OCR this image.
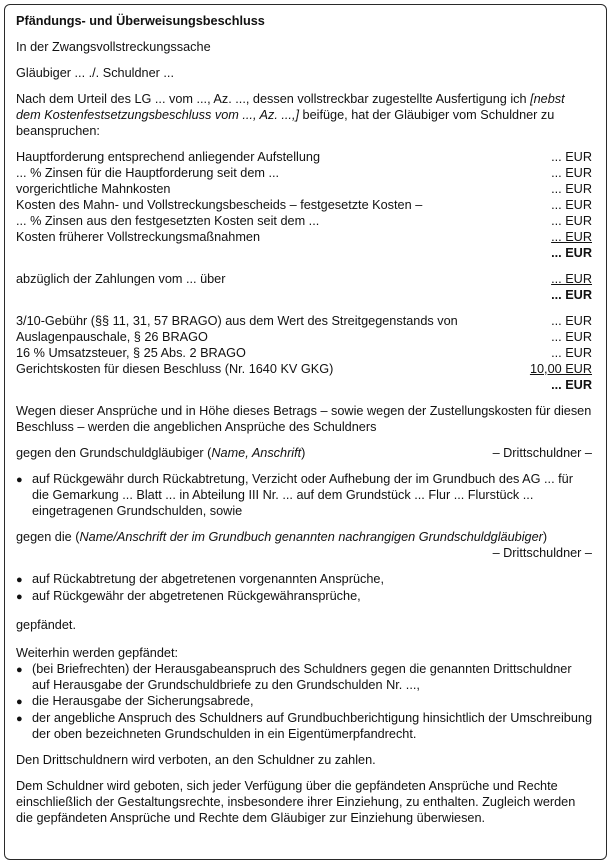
Pfändungs- und Überweisungsbeschluss

In der Zwangsvollstreckungssache

Gläubiger ... ./. Schuldner ...

Nach dem Urteil des LG ... vom ..., Az. ..., dessen vollstreckbar zugestellte Ausfertigung ich [nebst dem Kostenfestsetzungsbeschluss vom ..., Az. ...,] beifüge, hat der Gläubiger vom Schuldner zu beanspruchen:

Hauptforderung entsprechend anliegender Aufstellung	... EUR
... % Zinsen für die Hauptforderung seit dem ...	... EUR
vorgerichtliche Mahnkosten	... EUR
Kosten des Mahn- und Vollstreckungsbescheids – festgesetzte Kosten –	... EUR
... % Zinsen aus den festgesetzten Kosten seit dem ...	... EUR
Kosten früherer Vollstreckungsmaßnahmen	... EUR
... EUR
abzüglich der Zahlungen vom ... über	... EUR
... EUR
3/10-Gebühr (§§ 11, 31, 57 BRAGO) aus dem Wert des Streitgegenstands von	... EUR
Auslagenpauschale, § 26 BRAGO	... EUR
16 % Umsatzsteuer, § 25 Abs. 2 BRAGO	... EUR
Gerichtskosten für diesen Beschluss (Nr. 1640 KV GKG)	10,00 EUR
... EUR

Wegen dieser Ansprüche und in Höhe dieses Betrags – sowie wegen der Zustellungskosten für diesen Beschluss – werden die angeblichen Ansprüche des Schuldners

gegen den Grundschuldgläubiger (Name, Anschrift)	– Drittschuldner –
●
auf Rückgewähr durch Rückabtretung, Verzicht oder Aufhebung der im Grundbuch des AG ... für die Gemarkung ... Blatt ... in Abteilung III Nr. ... auf dem Grundstück ... Flur ... Flurstück ... eingetragenen Grundschulden, sowie

gegen die (Name/Anschrift der im Grundbuch genannten nachrangigen Grundschuldgläubiger)

– Drittschuldner –

●
auf Rückabtretung der abgetretenen vorgenannten Ansprüche,
●
auf Rückgewähr der abgetretenen Rückgewähransprüche,

gepfändet.

Weiterhin werden gepfändet:

●
(bei Briefrechten) der Herausgabeanspruch des Schuldners gegen die genannten Drittschuldner auf Herausgabe der Grundschuldbriefe zu den Grundschulden Nr. ...,
●
die Herausgabe der Sicherungsabrede,
●
der angebliche Anspruch des Schuldners auf Grundbuchberichtigung hinsichtlich der Umschreibung der oben bezeichneten Grundschulden in ein Eigentümerpfandrecht.

Den Drittschuldnern wird verboten, an den Schuldner zu zahlen.

Dem Schuldner wird geboten, sich jeder Verfügung über die gepfändeten Ansprüche und Rechte einschließlich der Gestaltungsrechte, insbesondere ihrer Einziehung, zu enthalten. Zugleich werden die gepfändeten Ansprüche und Rechte dem Gläubiger zur Einziehung überwiesen.
